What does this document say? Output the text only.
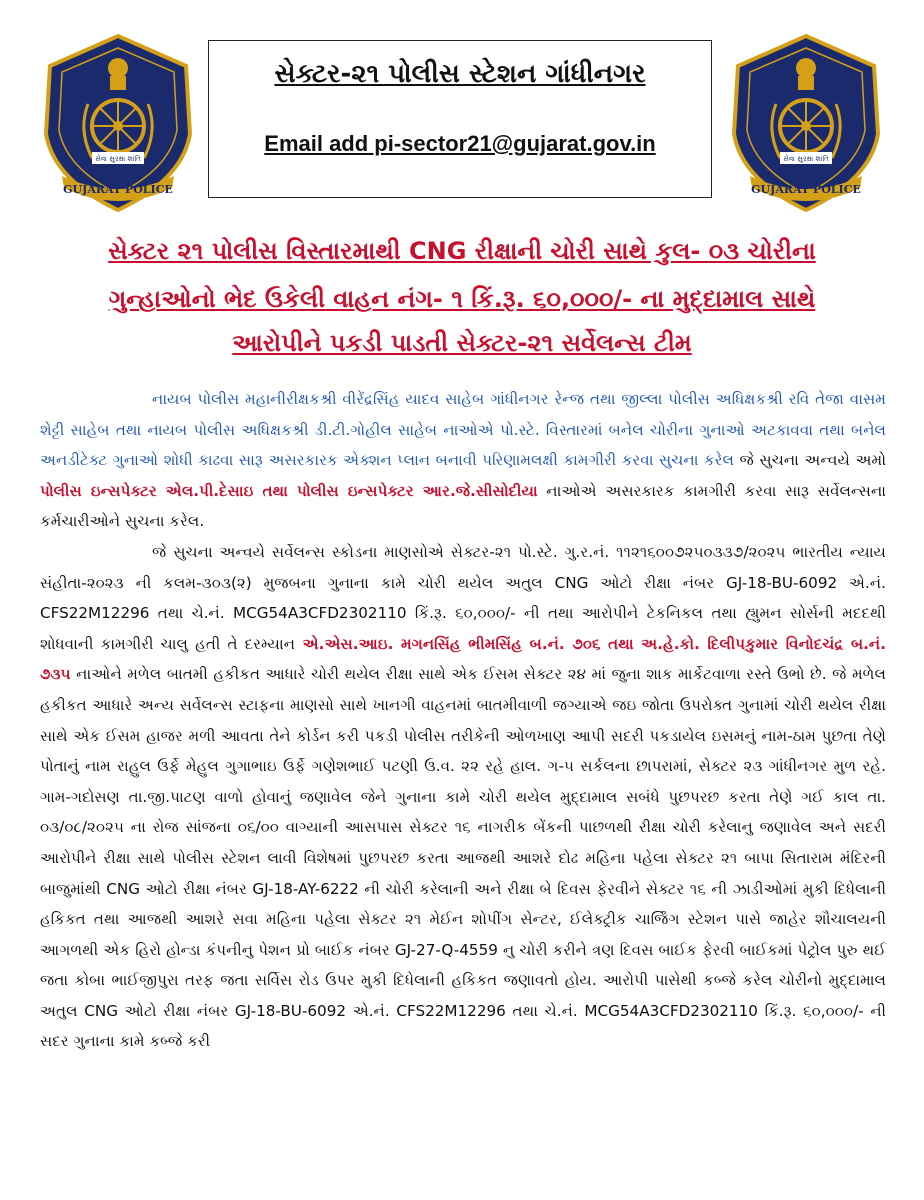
સેવા સુરક્ષા શાંતિ
GUJARAT POLICE
સેક્ટર-૨૧ પોલીસ સ્ટેશન ગાંધીનગર
Email add pi-sector21@gujarat.gov.in
સેવા સુરક્ષા શાંતિ
GUJARAT POLICE
સેક્ટર ૨૧ પોલીસ વિસ્તારમાથી CNG રીક્ષાની ચોરી સાથે કુલ- ૦૩ ચોરીના
ગુન્હાઓનો ભેદ ઉકેલી વાહન નંગ- ૧ કિં.રૂ. ૬૦,૦૦૦/- ના મુદ્દામાલ સાથે
આરોપીને પકડી પાડતી સેક્ટર-૨૧ સર્વેલન્સ ટીમ

નાયબ પોલીસ મહાનીરીક્ષકશ્રી વીરેંદ્રસિંહ યાદવ સાહેબ ગાંધીનગર રેન્જ તથા જીલ્લા પોલીસ અધિક્ષકશ્રી રવિ તેજા વાસમ શેટ્ટી સાહેબ તથા નાયબ પોલીસ અધિક્ષકશ્રી ડી.ટી.ગોહીલ સાહેબ નાઓએ પો.સ્ટે. વિસ્તારમાં બનેલ ચોરીના ગુનાઓ અટકાવવા તથા બનેલ અનડીટેક્ટ ગુનાઓ શોધી કાઢવા સારૂ અસરકારક એક્શન પ્લાન બનાવી પરિણામલક્ષી કામગીરી કરવા સુચના કરેલ જે સુચના અન્વયે અમો પોલીસ ઇન્સપેક્ટર એલ.પી.દેસાઇ તથા પોલીસ ઇન્સપેક્ટર આર.જે.સીસોદીયા નાઓએ અસરકારક કામગીરી કરવા સારૂ સર્વેલન્સના કર્મચારીઓને સુચના કરેલ.

જે સુચના અન્વયે સર્વેલન્સ સ્કોડના માણસોએ સેક્ટર-૨૧ પો.સ્ટે. ગુ.ર.નં. ૧૧૨૧૬૦૦૭૨૫૦૩૩૭/૨૦૨૫ ભારતીય ન્યાય સંહીતા-૨૦૨૩ ની કલમ-૩૦૩(૨) મુજબના ગુનાના કામે ચોરી થયેલ અતુલ CNG ઓટો રીક્ષા નંબર GJ-18-BU-6092 એ.નં. CFS22M12296 તથા ચે.નં. MCG54A3CFD2302110 કિં.રૂ. ૬૦,૦૦૦/- ની તથા આરોપીને ટેકનિકલ તથા હ્યુમન સોર્સની મદદથી શોધવાની કામગીરી ચાલુ હતી તે દરમ્યાન એ.એસ.આઇ. મગનસિંહ ભીમસિંહ બ.નં. ૭૦૬ તથા અ.હે.કો. દિલીપકુમાર વિનોદચંદ્ર બ.નં. ૭૩૫ નાઓને મળેલ બાતમી હકીકત આધારે ચોરી થયેલ રીક્ષા સાથે એક ઈસમ સેક્ટર ૨૪ માં જુના શાક માર્કેટવાળા રસ્તે ઉભો છે. જે મળેલ હકીકત આધારે અન્ય સર્વેલન્સ સ્ટાફના માણસો સાથે ખાનગી વાહનમાં બાતમીવાળી જગ્યાએ જઇ જોતા ઉપરોક્ત ગુનામાં ચોરી થયેલ રીક્ષા સાથે એક ઈસમ હાજર મળી આવતા તેને કોર્ડન કરી પકડી પોલીસ તરીકેની ઓળખાણ આપી સદરી પકડાયેલ ઇસમનું નામ-ઠામ પુછતા તેણે પોતાનું નામ રાહુલ ઉર્ફે મેહુલ ગુગાભાઇ ઉર્ફે ગણેશભાઈ પટણી ઉ.વ. ૨૨ રહે હાલ. ગ-૫ સર્કલના છાપરામાં, સેક્ટર ૨૩ ગાંધીનગર મુળ રહે. ગામ-ગદોસણ તા.જી.પાટણ વાળો હોવાનું જણાવેલ જેને ગુનાના કામે ચોરી થયેલ મુદ્દામાલ સબંધે પુછપરછ કરતા તેણે ગઈ કાલ તા. ૦૩/૦૮/૨૦૨૫ ના રોજ સાંજના ૦૬/૦૦ વાગ્યાની આસપાસ સેક્ટર ૧૬ નાગરીક બેંકની પાછળથી રીક્ષા ચોરી કરેલાનુ જણાવેલ અને સદરી આરોપીને રીક્ષા સાથે પોલીસ સ્ટેશન લાવી વિશેષમાં પુછપરછ કરતા આજથી આશરે દોઢ મહિના પહેલા સેક્ટર ૨૧ બાપા સિતારામ મંદિરની બાજુમાંથી CNG ઓટો રીક્ષા નંબર GJ-18-AY-6222 ની ચોરી કરેલાની અને રીક્ષા બે દિવસ ફેરવીને સેક્ટર ૧૬ ની ઝાડીઓમાં મુકી દિધેલાની હકિકત તથા આજથી આશરે સવા મહિના પહેલા સેક્ટર ૨૧ મેઈન શોપીંગ સેન્ટર, ઈલેક્ટ્રીક ચાર્જિંગ સ્ટેશન પાસે જાહેર શૌચાલયની આગળથી એક હિરો હોન્ડા કંપનીનુ પેશન પ્રો બાઈક નંબર GJ-27-Q-4559 નુ ચોરી કરીને ત્રણ દિવસ બાઈક ફેરવી બાઈકમાં પેટ્રોલ પુરુ થઈ જતા કોબા ભાઈજીપુરા તરફ જતા સર્વિસ રોડ ઉપર મુકી દિધેલાની હકિકત જણાવતો હોય. આરોપી પાસેથી કબ્જે કરેલ ચોરીનો મુદ્દામાલ અતુલ CNG ઓટો રીક્ષા નંબર GJ-18-BU-6092 એ.નં. CFS22M12296 તથા ચે.નં. MCG54A3CFD2302110 કિં.રૂ. ૬૦,૦૦૦/- ની સદર ગુનાના કામે કબ્જે કરી
